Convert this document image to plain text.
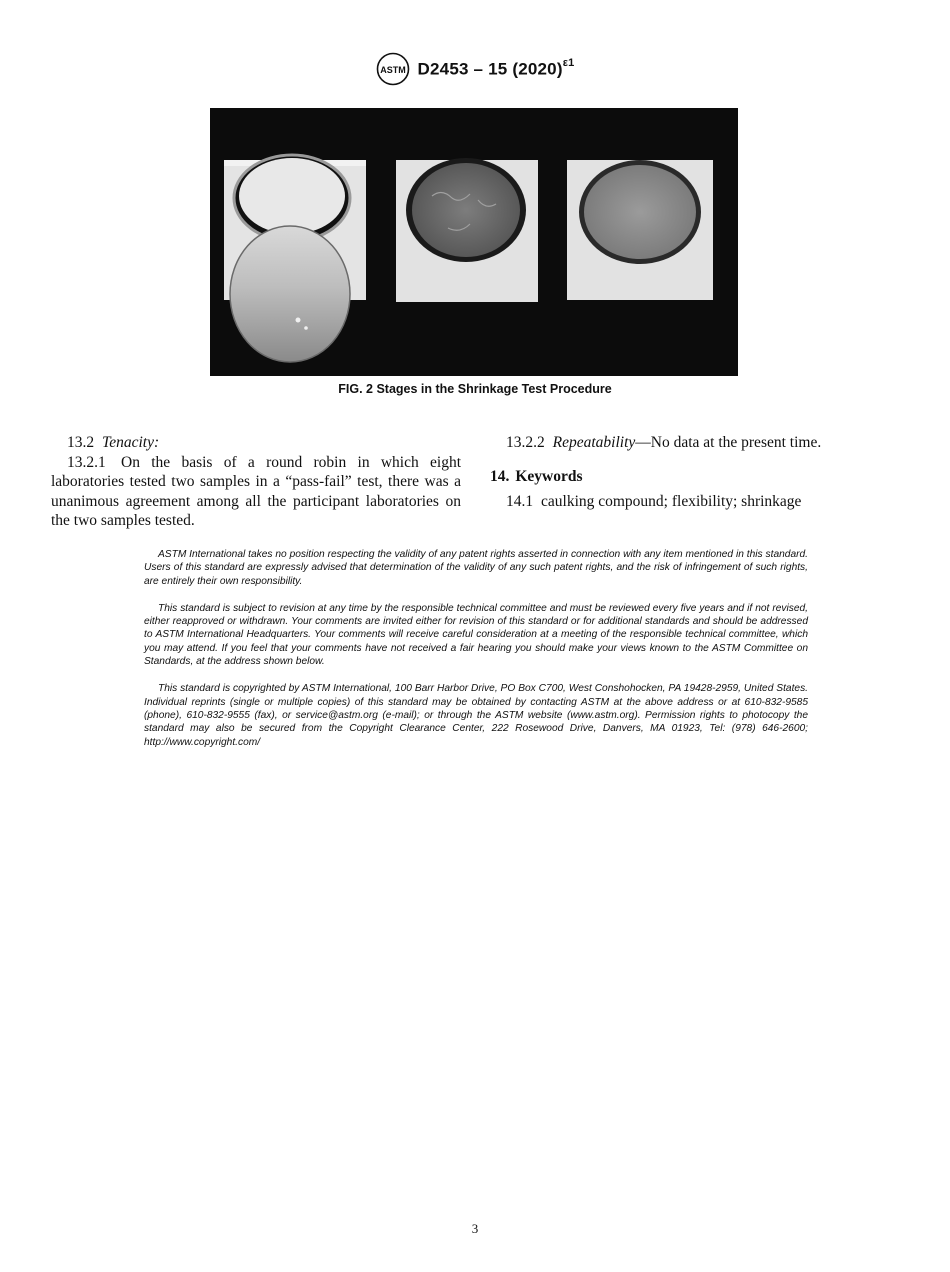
ASTM D2453 – 15 $(2020)^{\varepsilon 1}$
FIG. 2 Stages in the Shrinkage Test Procedure

13.2 Tenacity:

13.2.1 On the basis of a round robin in which eight laboratories tested two samples in a “pass-fail” test, there was a unanimous agreement among all the participant laboratories on the two samples tested.

13.2.2 Repeatability—No data at the present time.

14. Keywords

14.1 caulking compound; flexibility; shrinkage

ASTM International takes no position respecting the validity of any patent rights asserted in connection with any item mentioned in this standard. Users of this standard are expressly advised that determination of the validity of any such patent rights, and the risk of infringement of such rights, are entirely their own responsibility.

This standard is subject to revision at any time by the responsible technical committee and must be reviewed every five years and if not revised, either reapproved or withdrawn. Your comments are invited either for revision of this standard or for additional standards and should be addressed to ASTM International Headquarters. Your comments will receive careful consideration at a meeting of the responsible technical committee, which you may attend. If you feel that your comments have not received a fair hearing you should make your views known to the ASTM Committee on Standards, at the address shown below.

This standard is copyrighted by ASTM International, 100 Barr Harbor Drive, PO Box C700, West Conshohocken, PA 19428-2959, United States. Individual reprints (single or multiple copies) of this standard may be obtained by contacting ASTM at the above address or at 610-832-9585 (phone), 610-832-9555 (fax), or service@astm.org (e-mail); or through the ASTM website (www.astm.org). Permission rights to photocopy the standard may also be secured from the Copyright Clearance Center, 222 Rosewood Drive, Danvers, MA 01923, Tel: (978) 646-2600; http://www.copyright.com/

3
